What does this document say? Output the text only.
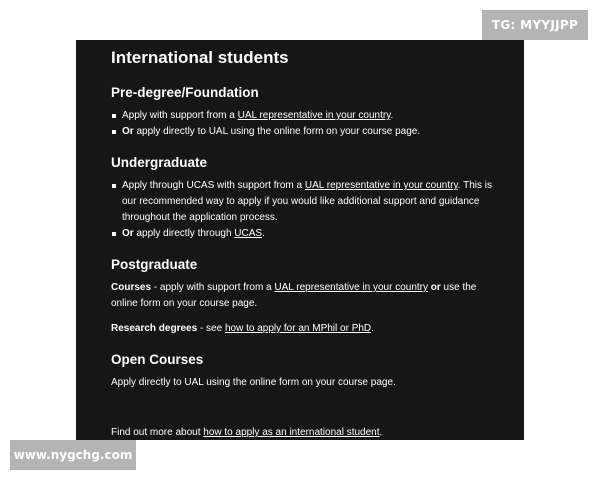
TG: MYYJJPP
International students
Pre-degree/Foundation
Apply with support from a UAL representative in your country.
Or apply directly to UAL using the online form on your course page.
Undergraduate
Apply through UCAS with support from a UAL representative in your country. This is our recommended way to apply if you would like additional support and guidance throughout the application process.
Or apply directly through UCAS.
Postgraduate

Courses - apply with support from a UAL representative in your country or use the online form on your course page.

Research degrees - see how to apply for an MPhil or PhD.

Open Courses

Apply directly to UAL using the online form on your course page.

Find out more about how to apply as an international student.

www.nygchg.com
